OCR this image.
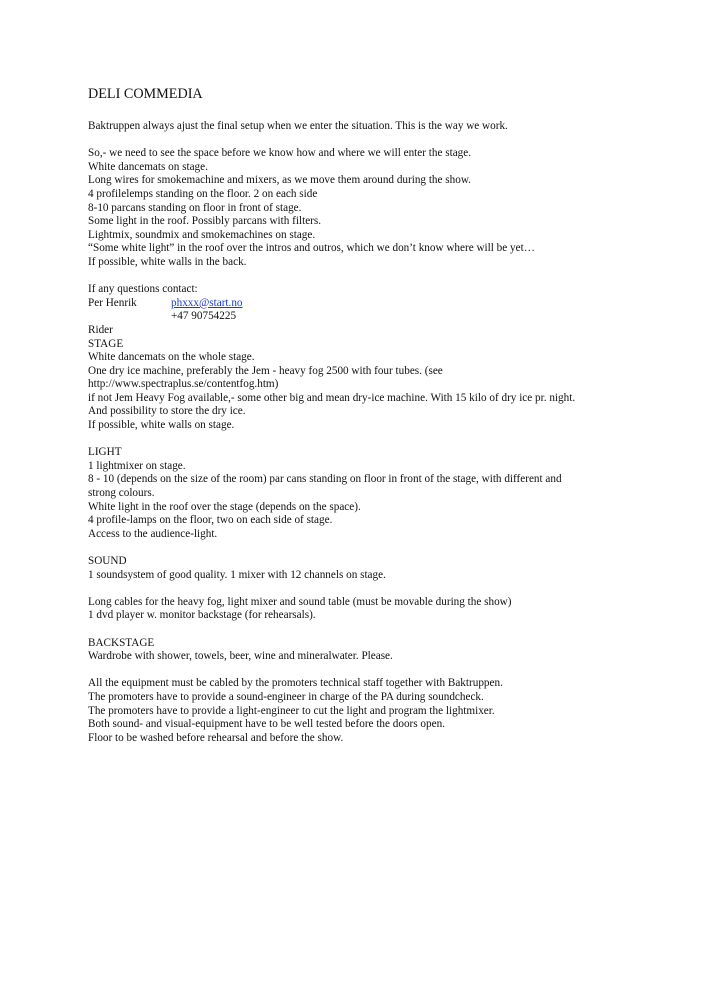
DELI COMMEDIA
Baktruppen always ajust the final setup when we enter the situation. This is the way we work.
So,- we need to see the space before we know how and where we will enter the stage.
White dancemats on stage.
Long wires for smokemachine and mixers, as we move them around during the show.
4 profilelemps standing on the floor. 2 on each side
8-10 parcans standing on floor in front of stage.
Some light in the roof. Possibly parcans with filters.
Lightmix, soundmix and smokemachines on stage.
“Some white light” in the roof over the intros and outros, which we don’t know where will be yet…
If possible, white walls in the back.
If any questions contact:
Per Henrik	phxxx@start.no
+47 90754225
Rider
STAGE
White dancemats on the whole stage.
One dry ice machine, preferably the Jem - heavy fog 2500 with four tubes. (see
http://www.spectraplus.se/contentfog.htm)
if not Jem Heavy Fog available,- some other big and mean dry-ice machine. With 15 kilo of dry ice pr. night.
And possibility to store the dry ice.
If possible, white walls on stage.
LIGHT
1 lightmixer on stage.
8 - 10 (depends on the size of the room) par cans standing on floor in front of the stage, with different and
strong colours.
White light in the roof over the stage (depends on the space).
4 profile-lamps on the floor, two on each side of stage.
Access to the audience-light.
SOUND
1 soundsystem of good quality. 1 mixer with 12 channels on stage.
Long cables for the heavy fog, light mixer and sound table (must be movable during the show)
1 dvd player w. monitor backstage (for rehearsals).
BACKSTAGE
Wardrobe with shower, towels, beer, wine and mineralwater. Please.
All the equipment must be cabled by the promoters technical staff together with Baktruppen.
The promoters have to provide a sound-engineer in charge of the PA during soundcheck.
The promoters have to provide a light-engineer to cut the light and program the lightmixer.
Both sound- and visual-equipment have to be well tested before the doors open.
Floor to be washed before rehearsal and before the show.
